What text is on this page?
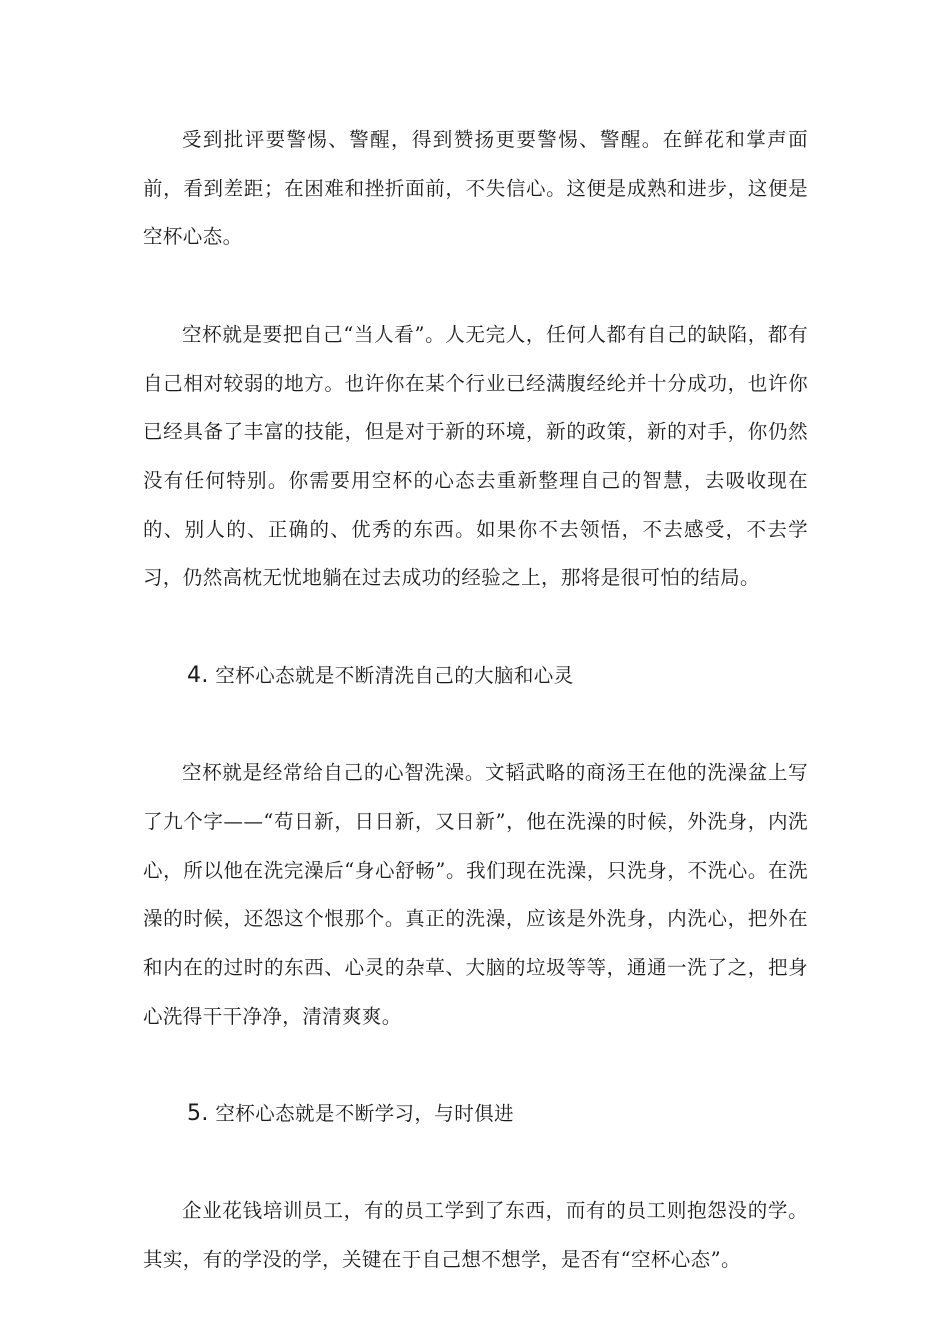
受到批评要警惕、警醒，得到赞扬更要警惕、警醒。在鲜花和掌声面前，看到差距；在困难和挫折面前，不失信心。这便是成熟和进步，这便是空杯心态。

空杯就是要把自己“当人看”。人无完人，任何人都有自己的缺陷，都有自己相对较弱的地方。也许你在某个行业已经满腹经纶并十分成功，也许你已经具备了丰富的技能，但是对于新的环境，新的政策，新的对手，你仍然没有任何特别。你需要用空杯的心态去重新整理自己的智慧，去吸收现在的、别人的、正确的、优秀的东西。如果你不去领悟，不去感受，不去学习，仍然高枕无忧地躺在过去成功的经验之上，那将是很可怕的结局。

4. 空杯心态就是不断清洗自己的大脑和心灵

空杯就是经常给自己的心智洗澡。文韬武略的商汤王在他的洗澡盆上写了九个字——“苟日新，日日新，又日新”，他在洗澡的时候，外洗身，内洗心，所以他在洗完澡后“身心舒畅”。我们现在洗澡，只洗身，不洗心。在洗澡的时候，还怨这个恨那个。真正的洗澡，应该是外洗身，内洗心，把外在和内在的过时的东西、心灵的杂草、大脑的垃圾等等，通通一洗了之，把身心洗得干干净净，清清爽爽。

5. 空杯心态就是不断学习，与时俱进

企业花钱培训员工，有的员工学到了东西，而有的员工则抱怨没的学。其实，有的学没的学，关键在于自己想不想学，是否有“空杯心态”。
